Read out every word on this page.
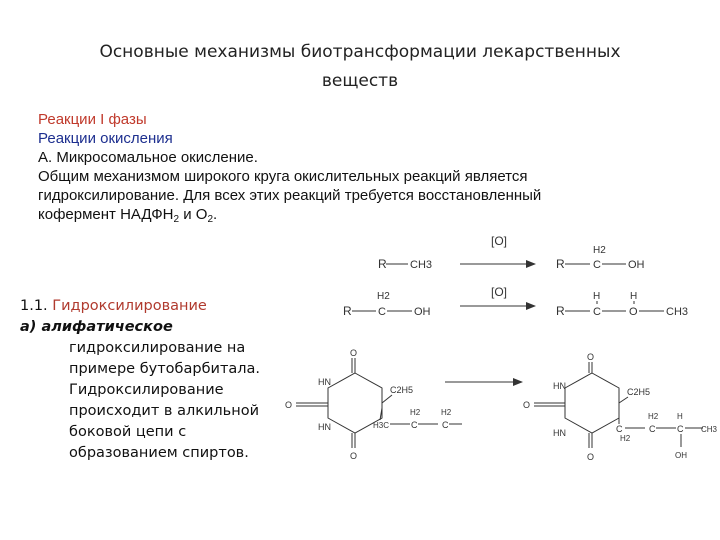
Основные механизмы биотрансформации лекарственных
веществ
Реакции I фазы
Реакции окисления
А. Микросомальное окисление.
Общим механизмом широкого круга окислительных реакций является
гидроксилирование. Для всех этих реакций требуется восстановленный
кофермент $НАДФН_2$ и $О_2$.
1.1. Гидроксилирование
а) алифатическое
гидроксилирование на
примере бутобарбитала.
Гидроксилирование
происходит в алкильной
боковой цепи с
образованием спиртов.
R CH3
[O]
R
H2
C OH
R
H2
C	OH
[O]
R
H
C
H
O	CH3
O
HN
O
HN
O
C2H5
H3C
H2
C
H2
C
O
HN
O
HN
O
C2H5
C
H2
H2
C
H
C
OH
CH3
